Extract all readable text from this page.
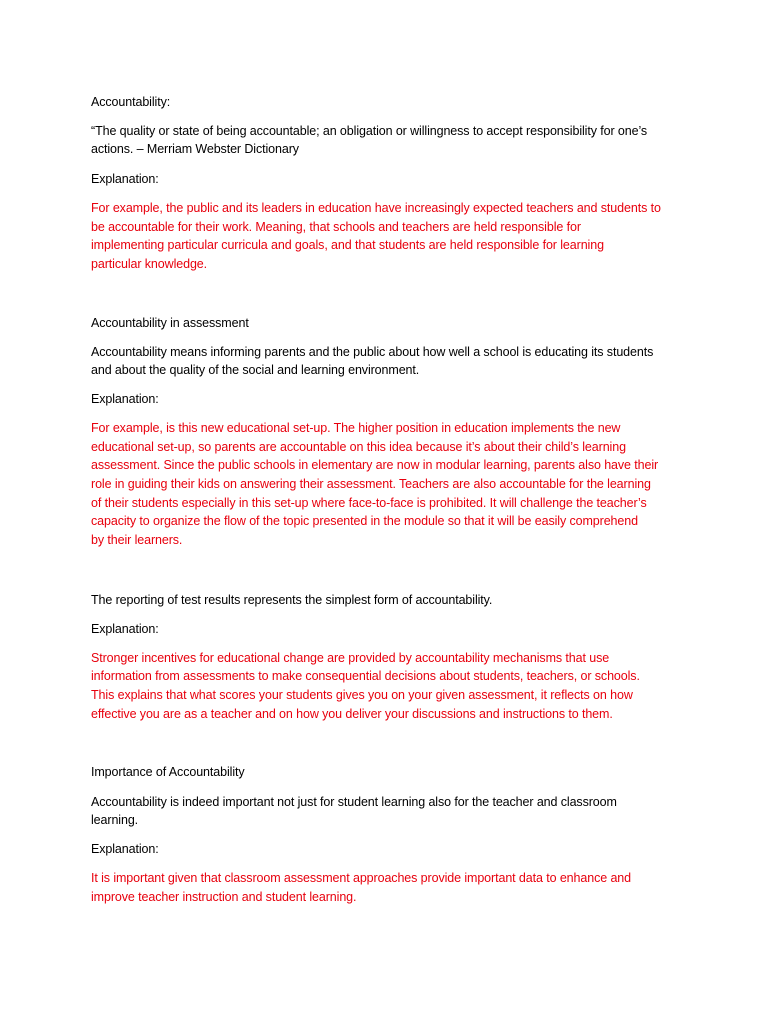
Accountability:

“The quality or state of being accountable; an obligation or willingness to accept responsibility for one’s

actions. – Merriam Webster Dictionary

Explanation:

For example, the public and its leaders in education have increasingly expected teachers and students to

be accountable for their work. Meaning, that schools and teachers are held responsible for

implementing particular curricula and goals, and that students are held responsible for learning

particular knowledge.

Accountability in assessment

Accountability means informing parents and the public about how well a school is educating its students

and about the quality of the social and learning environment.

Explanation:

For example, is this new educational set-up. The higher position in education implements the new

educational set-up, so parents are accountable on this idea because it’s about their child’s learning

assessment. Since the public schools in elementary are now in modular learning, parents also have their

role in guiding their kids on answering their assessment. Teachers are also accountable for the learning

of their students especially in this set-up where face-to-face is prohibited. It will challenge the teacher’s

capacity to organize the flow of the topic presented in the module so that it will be easily comprehend

by their learners.

The reporting of test results represents the simplest form of accountability.

Explanation:

Stronger incentives for educational change are provided by accountability mechanisms that use

information from assessments to make consequential decisions about students, teachers, or schools.

This explains that what scores your students gives you on your given assessment, it reflects on how

effective you are as a teacher and on how you deliver your discussions and instructions to them.

Importance of Accountability

Accountability is indeed important not just for student learning also for the teacher and classroom

learning.

Explanation:

It is important given that classroom assessment approaches provide important data to enhance and

improve teacher instruction and student learning.
